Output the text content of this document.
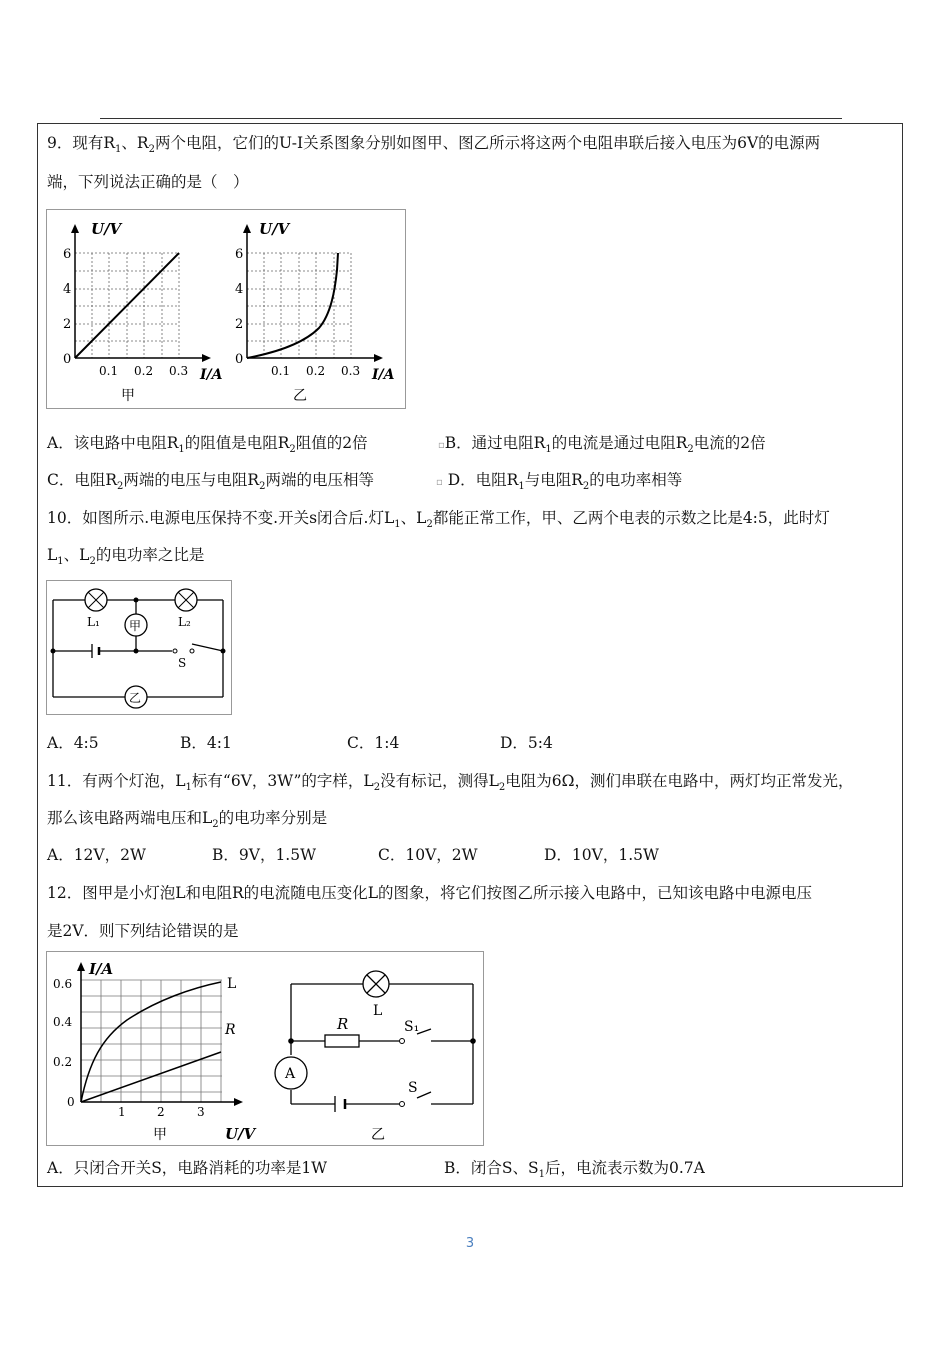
9．现有$R_1$、$R_2$两个电阻，它们的U-I关系图象分别如图甲、图乙所示将这两个电阻串联后接入电压为6V的电源两
端，下列说法正确的是（　）
U/V
I/A
0
2
4
6
0.1 0.2 0.3
甲
U/V
I/A
0
2
4
6
0.1 0.2 0.3
乙
A．该电路中电阻$R_1$的阻值是电阻$R_2$阻值的2倍	▫B．通过电阻$R_1$的电流是通过电阻$R_2$电流的2倍
C．电阻$R_2$两端的电压与电阻$R_2$两端的电压相等	▫ D．电阻$R_1$与电阻$R_2$的电功率相等
10．如图所示.电源电压保持不变.开关s闭合后.灯$L_1$、$L_2$都能正常工作，甲、乙两个电表的示数之比是4:5，此时灯
$L_1$、$L_2$的电功率之比是
甲
乙
L₁	L₂
S
A．4:5	B．4:1	C．1:4	D．5:4
11．有两个灯泡，$L_1$标有“6V，3W”的字样，$L_2$没有标记，测得$L_2$电阻为6Ω，测们串联在电路中，两灯均正常发光，
那么该电路两端电压和$L_2$的电功率分别是
A．12V，2W	B．9V，1.5W	C．10V，2W	D．10V，1.5W
12．图甲是小灯泡L和电阻R的电流随电压变化L的图象，将它们按图乙所示接入电路中，已知该电路中电源电压
是2V．则下列结论错误的是
I/A
U/V
L
R
0
0.2
0.4
0.6
1	2	3
甲
A
L
R	S₁
S
乙
A．只闭合开关S，电路消耗的功率是1W	B．闭合S、$S_1$后，电流表示数为0.7A
3
